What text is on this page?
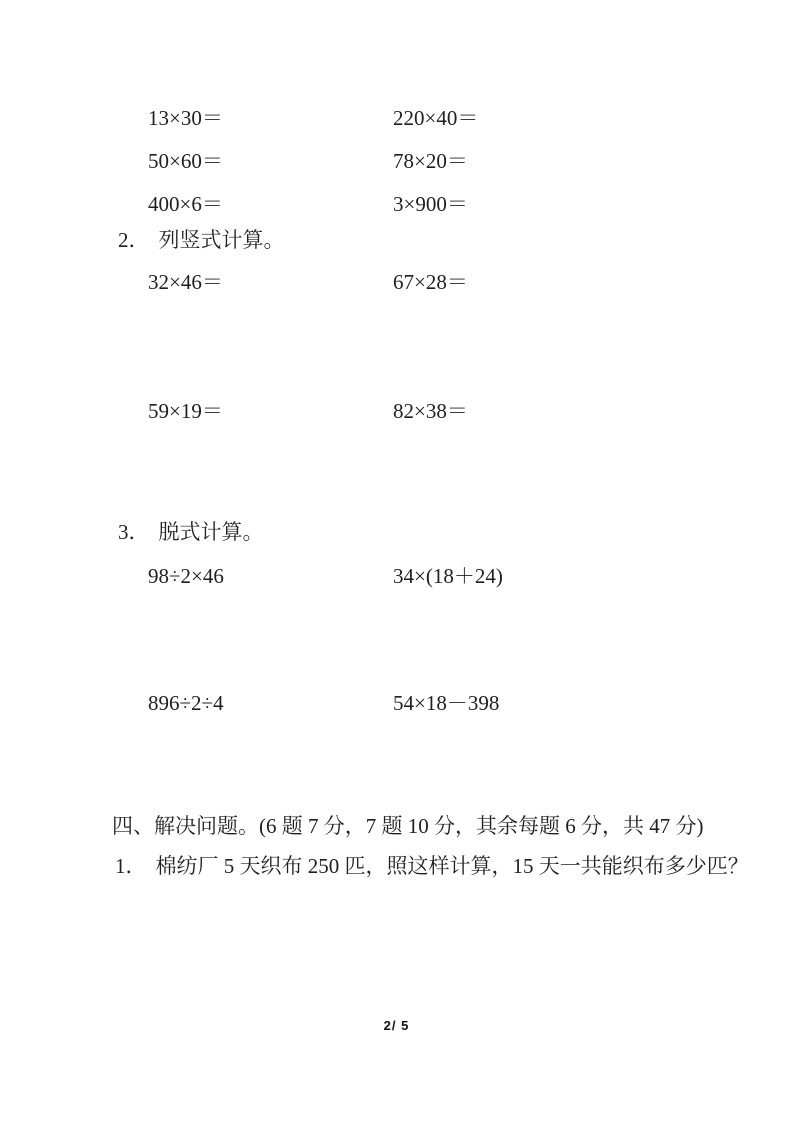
13×30＝	220×40＝
50×60＝	78×20＝
400×6＝	3×900＝
2． 列竖式计算。
32×46＝	67×28＝
59×19＝	82×38＝
3． 脱式计算。
98÷2×46	34×(18＋24)
896÷2÷4	54×18－398
四、解决问题。(6 题 7 分，7 题 10 分，其余每题 6 分，共 47 分)
1． 棉纺厂 5 天织布 250 匹，照这样计算，15 天一共能织布多少匹？
2/ 5
